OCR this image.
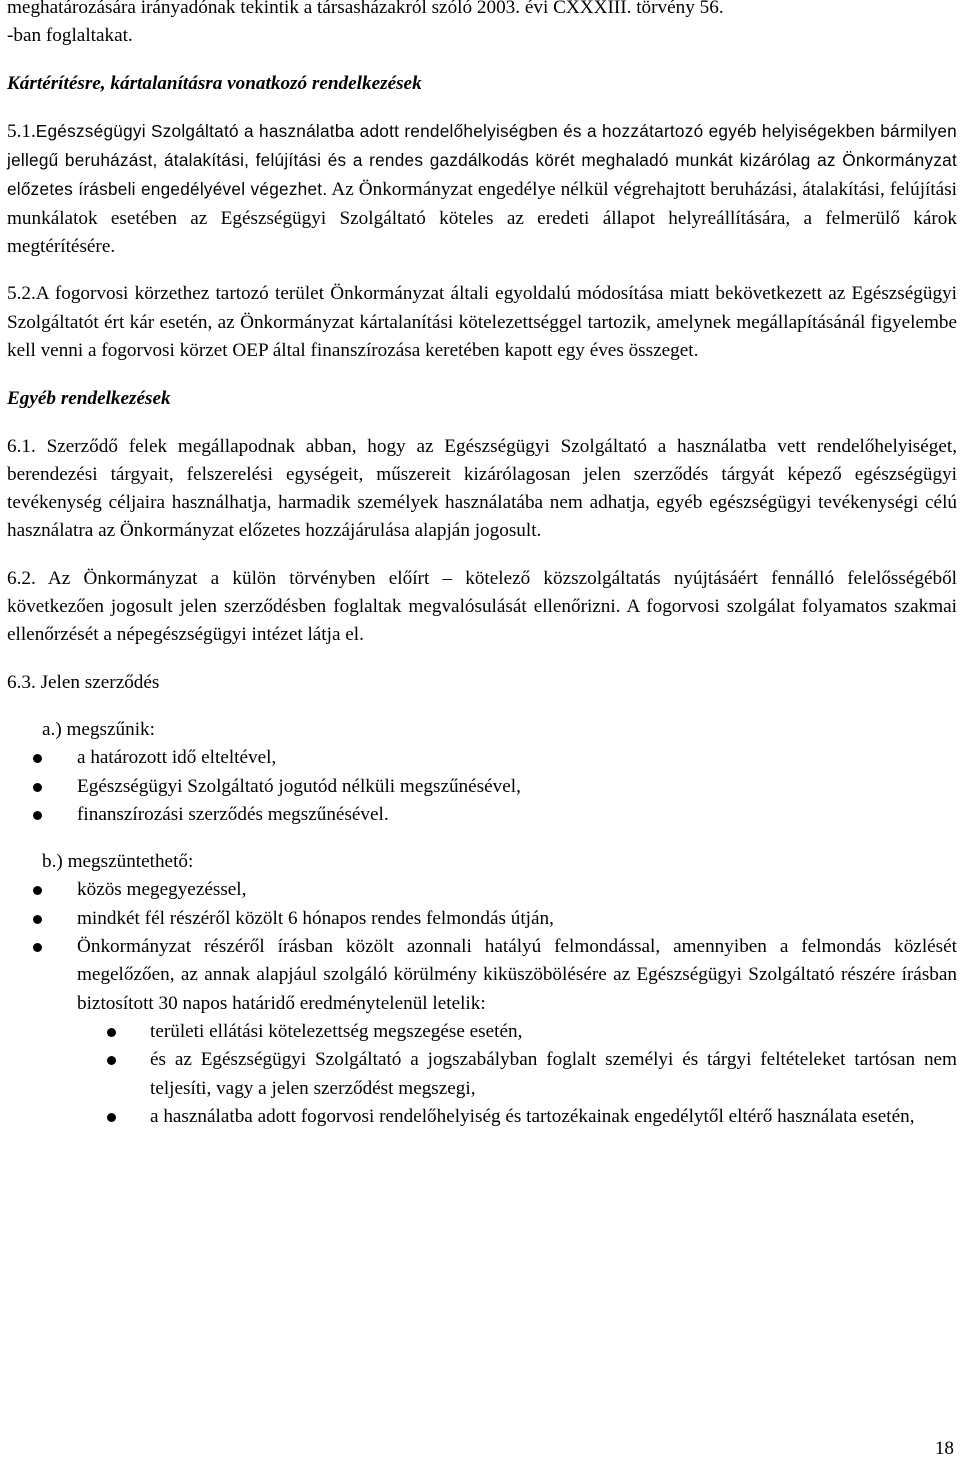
meghatározására irányadónak tekintik a társasházakról szóló 2003. évi CXXXIII. törvény 56.
-ban foglaltakat.

Kártérítésre, kártalanításra vonatkozó rendelkezések

5.1.Egészségügyi Szolgáltató a használatba adott rendelőhelyiségben és a hozzátartozó egyéb helyiségekben bármilyen jellegű beruházást, átalakítási, felújítási és a rendes gazdálkodás körét meghaladó munkát kizárólag az Önkormányzat előzetes írásbeli engedélyével végezhet. Az Önkormányzat engedélye nélkül végrehajtott beruházási, átalakítási, felújítási munkálatok esetében az Egészségügyi Szolgáltató köteles az eredeti állapot helyreállítására, a felmerülő károk megtérítésére.

5.2.A fogorvosi körzethez tartozó terület Önkormányzat általi egyoldalú módosítása miatt bekövetkezett az Egészségügyi Szolgáltatót ért kár esetén, az Önkormányzat kártalanítási kötelezettséggel tartozik, amelynek megállapításánál figyelembe kell venni a fogorvosi körzet OEP által finanszírozása keretében kapott egy éves összeget.

Egyéb rendelkezések

6.1. Szerződő felek megállapodnak abban, hogy az Egészségügyi Szolgáltató a használatba vett rendelőhelyiséget, berendezési tárgyait, felszerelési egységeit, műszereit kizárólagosan jelen szerződés tárgyát képező egészségügyi tevékenység céljaira használhatja, harmadik személyek használatába nem adhatja, egyéb egészségügyi tevékenységi célú használatra az Önkormányzat előzetes hozzájárulása alapján jogosult.

6.2. Az Önkormányzat a külön törvényben előírt – kötelező közszolgáltatás nyújtásáért fennálló felelősségéből következően jogosult jelen szerződésben foglaltak megvalósulását ellenőrizni. A fogorvosi szolgálat folyamatos szakmai ellenőrzését a népegészségügyi intézet látja el.

6.3. Jelen szerződés

a.) megszűnik:

a határozott idő elteltével,
Egészségügyi Szolgáltató jogutód nélküli megszűnésével,
finanszírozási szerződés megszűnésével.

b.) megszüntethető:

közös megegyezéssel,
mindkét fél részéről közölt 6 hónapos rendes felmondás útján,
Önkormányzat részéről írásban közölt azonnali hatályú felmondással, amennyiben a felmondás közlését megelőzően, az annak alapjául szolgáló körülmény kiküszöbölésére az Egészségügyi Szolgáltató részére írásban biztosított 30 napos határidő eredménytelenül letelik:
területi ellátási kötelezettség megszegése esetén,
és az Egészségügyi Szolgáltató a jogszabályban foglalt személyi és tárgyi feltételeket tartósan nem teljesíti, vagy a jelen szerződést megszegi,
a használatba adott fogorvosi rendelőhelyiség és tartozékainak engedélytől eltérő használata esetén,
18
